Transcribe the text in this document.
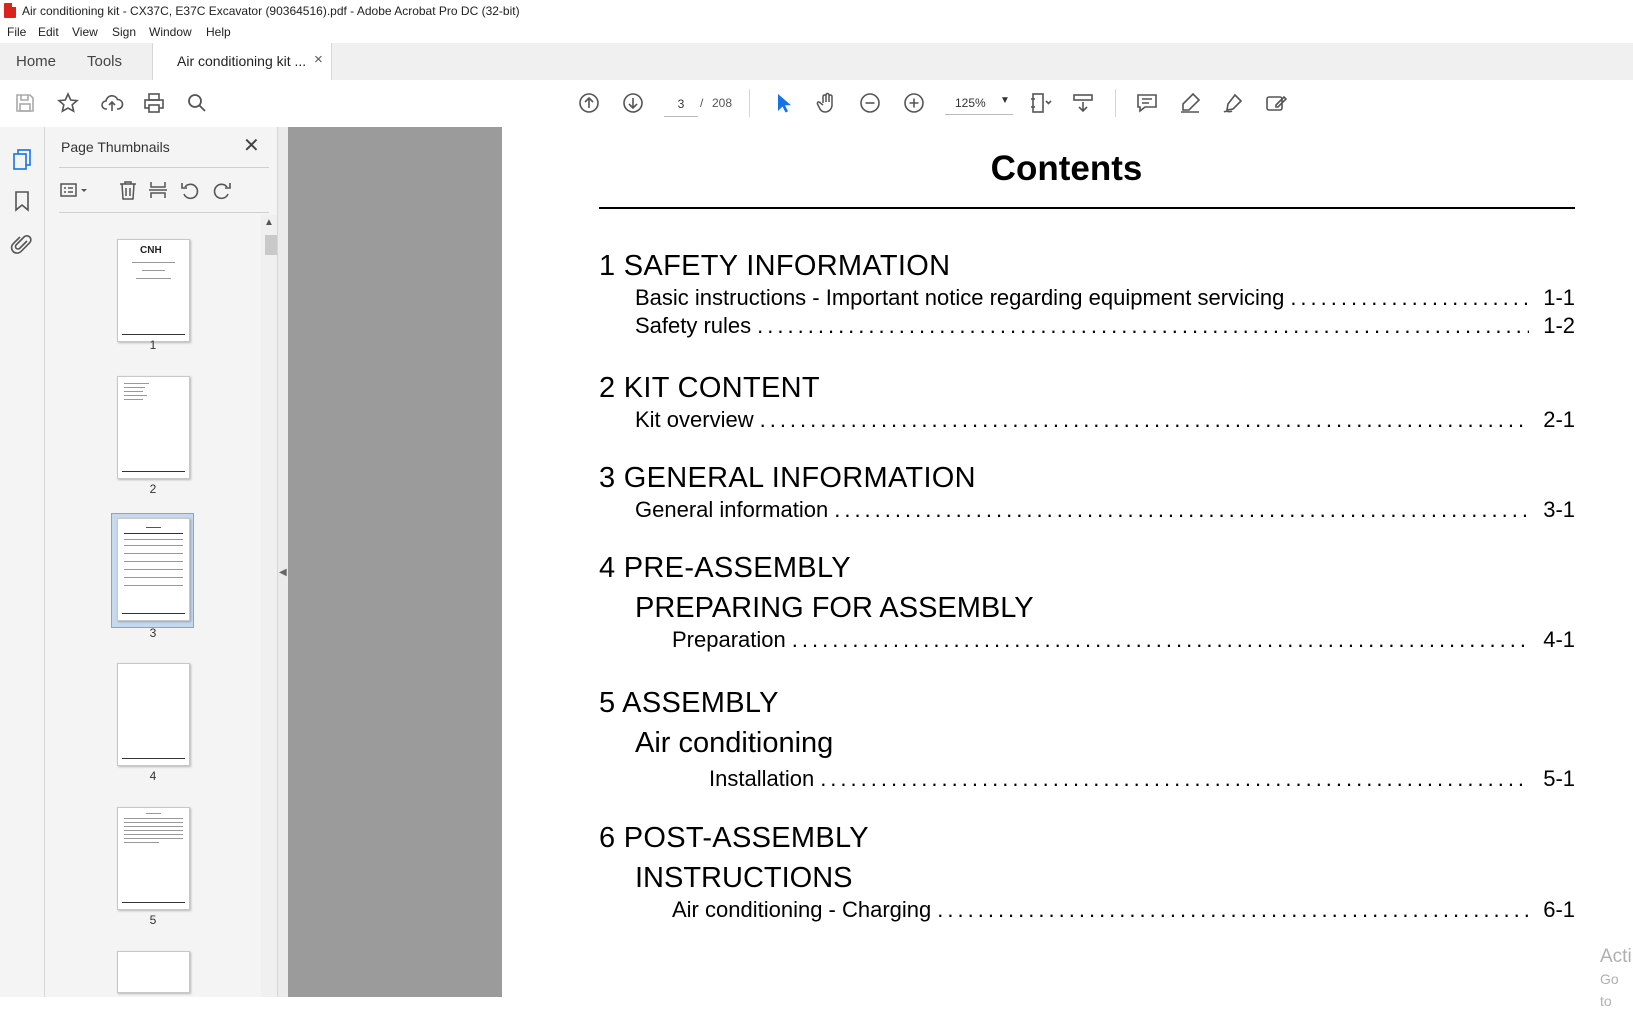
Air conditioning kit - CX37C, E37C Excavator (90364516).pdf - Adobe Acrobat Pro DC (32-bit)
File Edit View Sign Window Help
Home Tools	Air conditioning kit ... ×
3
/ 208	125% ▼
Page Thumbnails	✕
CNH
1
2
3
4
5
▲
◀
Contents
1 SAFETY INFORMATION
Basic instructions - Important notice regarding equipment servicing .....	1-1
Safety rules .....	1-2
2 KIT CONTENT
Kit overview .....	2-1
3 GENERAL INFORMATION
General information .....	3-1
4 PRE-ASSEMBLY
PREPARING FOR ASSEMBLY
Preparation .....	4-1
5 ASSEMBLY
Air conditioning
Installation .....	5-1
6 POST-ASSEMBLY
INSTRUCTIONS
Air conditioning - Charging .....	6-1
Acti
Go to
